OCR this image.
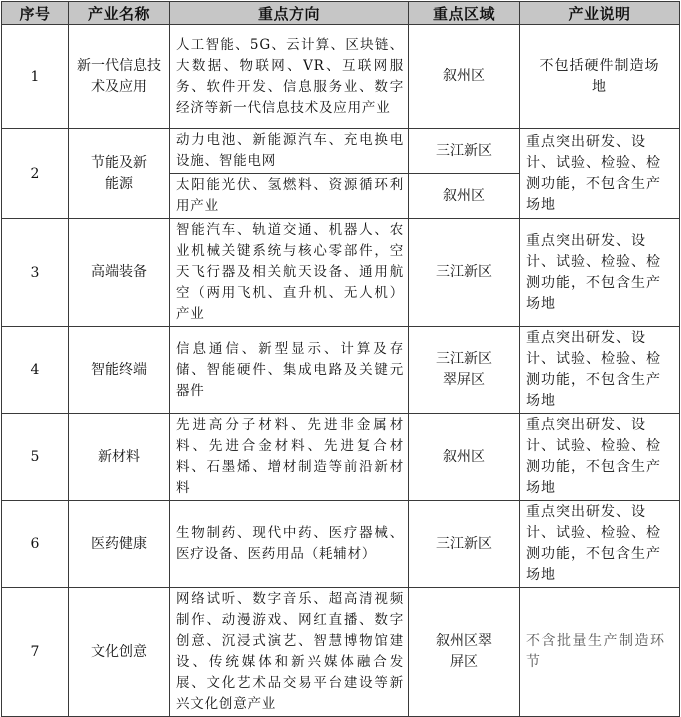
序号	产业名称	重点方向	重点区域	产业说明
1	新一代信息技术及应用	人工智能、5G、云计算、区块链、大数据、物联网、VR、互联网服务、软件开发、信息服务业、数字经济等新一代信息技术及应用产业	叙州区	不包括硬件制造场地
2	节能及新能源	动力电池、新能源汽车、充电换电设施、智能电网	三江新区	重点突出研发、设计、试验、检验、检测功能，不包含生产场地
		太阳能光伏、氢燃料、资源循环利用产业	叙州区	
3	高端装备	智能汽车、轨道交通、机器人、农业机械关键系统与核心零部件，空天飞行器及相关航天设备、通用航空（两用飞机、直升机、无人机）产业	三江新区	重点突出研发、设计、试验、检验、检测功能，不包含生产场地
4	智能终端	信息通信、新型显示、计算及存储、智能硬件、集成电路及关键元器件	三江新区翠屏区	重点突出研发、设计、试验、检验、检测功能，不包含生产场地
5	新材料	先进高分子材料、先进非金属材料、先进合金材料、先进复合材料、石墨烯、增材制造等前沿新材料	叙州区	重点突出研发、设计、试验、检验、检测功能，不包含生产场地
6	医药健康	生物制药、现代中药、医疗器械、医疗设备、医药用品（耗辅材）	三江新区	重点突出研发、设计、试验、检验、检测功能，不包含生产场地
7	文化创意	网络试听、数字音乐、超高清视频制作、动漫游戏、网红直播、数字创意、沉浸式演艺、智慧博物馆建设、传统媒体和新兴媒体融合发展、文化艺术品交易平台建设等新兴文化创意产业	叙州区翠屏区	不含批量生产制造环节
